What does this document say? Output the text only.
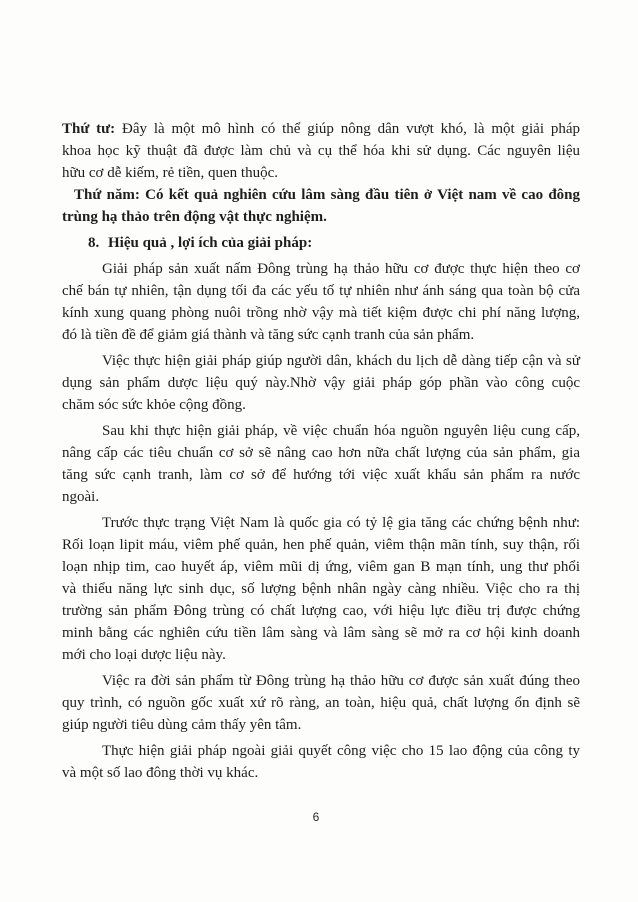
Thứ tư: Đây là một mô hình có thể giúp nông dân vượt khó, là một giải pháp
khoa học kỹ thuật đã được làm chủ và cụ thể hóa khi sử dụng. Các nguyên liệu
hữu cơ dễ kiếm, rẻ tiền, quen thuộc.
Thứ năm: Có kết quả nghiên cứu lâm sàng đầu tiên ở Việt nam về cao đông
trùng hạ thảo trên động vật thực nghiệm.
8. Hiệu quả , lợi ích của giải pháp:
Giải pháp sản xuất nấm Đông trùng hạ thảo hữu cơ được thực hiện theo cơ
chế bán tự nhiên, tận dụng tối đa các yếu tố tự nhiên như ánh sáng qua toàn bộ cửa
kính xung quang phòng nuôi trồng nhờ vậy mà tiết kiệm được chi phí năng lượng,
đó là tiền đề để giảm giá thành và tăng sức cạnh tranh của sản phẩm.
Việc thực hiện giải pháp giúp người dân, khách du lịch dễ dàng tiếp cận và sử
dụng sản phẩm dược liệu quý này.Nhờ vậy giải pháp góp phần vào công cuộc
chăm sóc sức khỏe cộng đồng.
Sau khi thực hiện giải pháp, về việc chuẩn hóa nguồn nguyên liệu cung cấp,
nâng cấp các tiêu chuẩn cơ sở sẽ nâng cao hơn nữa chất lượng của sản phẩm, gia
tăng sức cạnh tranh, làm cơ sở để hướng tới việc xuất khẩu sản phẩm ra nước
ngoài.
Trước thực trạng Việt Nam là quốc gia có tỷ lệ gia tăng các chứng bệnh như:
Rối loạn lipit máu, viêm phế quản, hen phế quản, viêm thận mãn tính, suy thận, rối
loạn nhịp tim, cao huyết áp, viêm mũi dị ứng, viêm gan B mạn tính, ung thư phổi
và thiểu năng lực sinh dục, số lượng bệnh nhân ngày càng nhiều. Việc cho ra thị
trường sản phẩm Đông trùng có chất lượng cao, với hiệu lực điều trị được chứng
minh bằng các nghiên cứu tiền lâm sàng và lâm sàng sẽ mở ra cơ hội kinh doanh
mới cho loại dược liệu này.
Việc ra đời sản phẩm từ Đông trùng hạ thảo hữu cơ được sản xuất đúng theo
quy trình, có nguồn gốc xuất xứ rõ ràng, an toàn, hiệu quả, chất lượng ổn định sẽ
giúp người tiêu dùng cảm thấy yên tâm.
Thực hiện giải pháp ngoài giải quyết công việc cho 15 lao động của công ty
và một số lao đông thời vụ khác.
6
